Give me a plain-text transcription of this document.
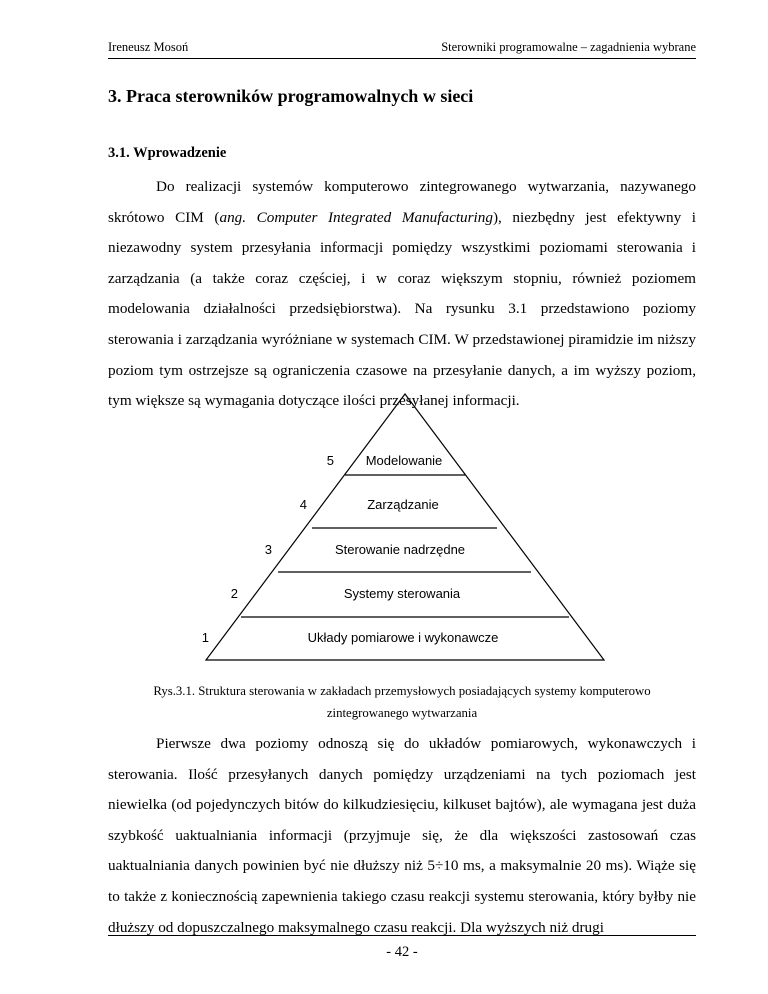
Ireneusz Mosoń	Sterowniki programowalne – zagadnienia wybrane
3. Praca sterowników programowalnych w sieci
3.1. Wprowadzenie

Do realizacji systemów komputerowo zintegrowanego wytwarzania, nazywanego skrótowo CIM (ang. Computer Integrated Manufacturing), niezbędny jest efektywny i niezawodny system przesyłania informacji pomiędzy wszystkimi poziomami sterowania i zarządzania (a także coraz częściej, i w coraz większym stopniu, również poziomem modelowania działalności przedsiębiorstwa). Na rysunku 3.1 przedstawiono poziomy sterowania i zarządzania wyróżniane w systemach CIM. W przedstawionej piramidzie im niższy poziom tym ostrzejsze są ograniczenia czasowe na przesyłanie danych, a im wyższy poziom, tym większe są wymagania dotyczące ilości przesyłanej informacji.

5 Modelowanie
4	Zarządzanie
3	Sterowanie nadrzędne
2	Systemy sterowania
1	Układy pomiarowe i wykonawcze
Rys.3.1. Struktura sterowania w zakładach przemysłowych posiadających systemy komputerowo
zintegrowanego wytwarzania

Pierwsze dwa poziomy odnoszą się do układów pomiarowych, wykonawczych i sterowania. Ilość przesyłanych danych pomiędzy urządzeniami na tych poziomach jest niewielka (od pojedynczych bitów do kilkudziesięciu, kilkuset bajtów), ale wymagana jest duża szybkość uaktualniania informacji (przyjmuje się, że dla większości zastosowań czas uaktualniania danych powinien być nie dłuższy niż 5÷10 ms, a maksymalnie 20 ms). Wiąże się to także z koniecznością zapewnienia takiego czasu reakcji systemu sterowania, który byłby nie dłuższy od dopuszczalnego maksymalnego czasu reakcji. Dla wyższych niż drugi

- 42 -
